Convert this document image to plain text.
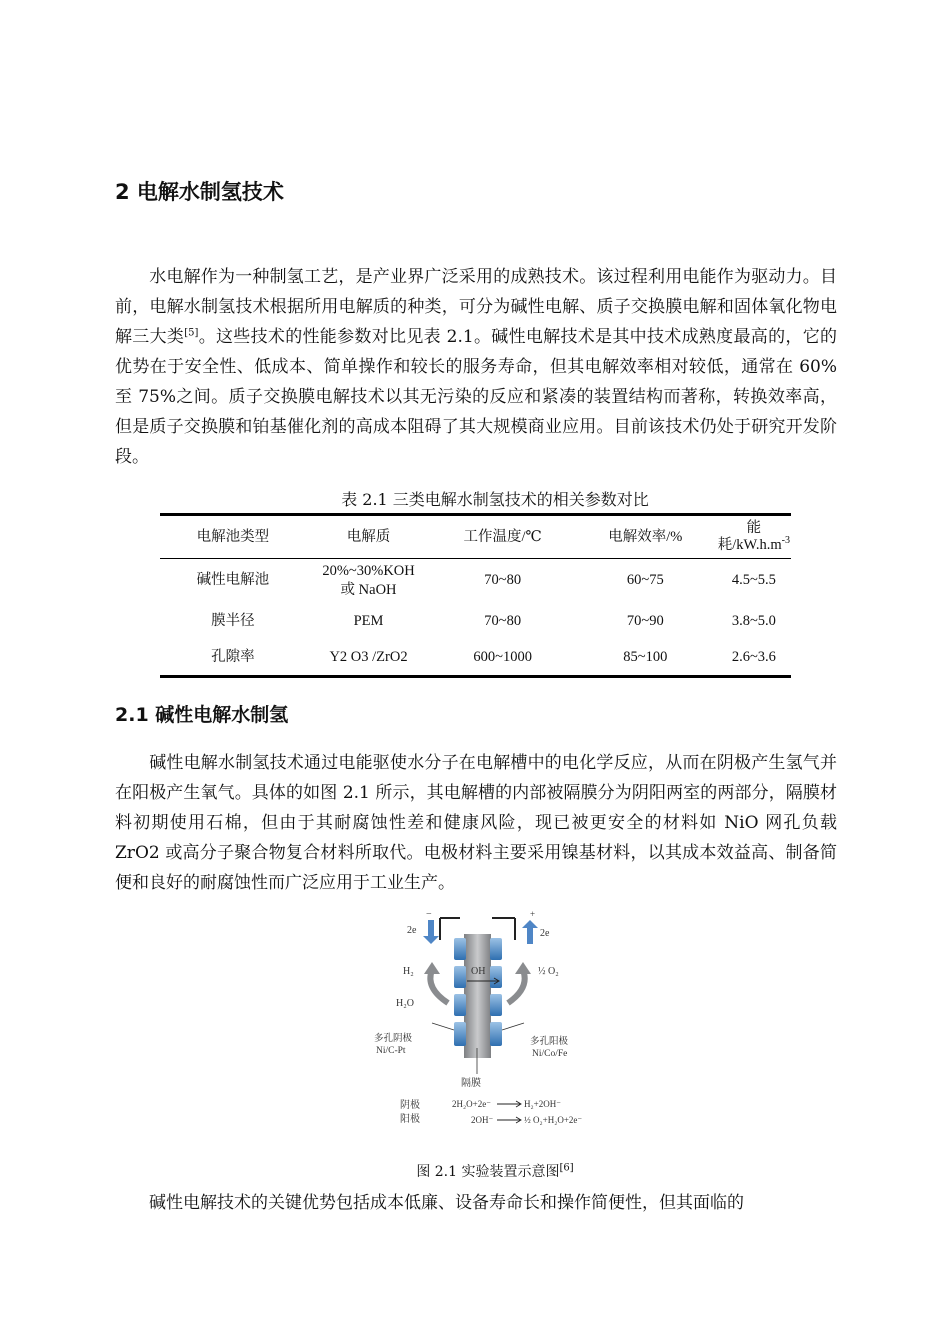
2 电解水制氢技术
水电解作为一种制氢工艺，是产业界广泛采用的成熟技术。该过程利用电能作为驱动力。目前，电解水制氢技术根据所用电解质的种类，可分为碱性电解、质子交换膜电解和固体氧化物电解三大类[5]。这些技术的性能参数对比见表 2.1。碱性电解技术是其中技术成熟度最高的，它的优势在于安全性、低成本、简单操作和较长的服务寿命，但其电解效率相对较低，通常在 60%至 75%之间。质子交换膜电解技术以其无污染的反应和紧凑的装置结构而著称，转换效率高，但是质子交换膜和铂基催化剂的高成本阻碍了其大规模商业应用。目前该技术仍处于研究开发阶段。
表 2.1 三类电解水制氢技术的相关参数对比
电解池类型	电解质	工作温度/℃	电解效率/%	能耗$/kW.h.m^{-3}$
碱性电解池	20%~30%KOH 或 NaOH	70~80	60~75	4.5~5.5
膜半径	PEM	70~80	70~90	3.8~5.0
孔隙率	Y2 O3 /ZrO2	600~1000	85~100	2.6~3.6
2.1 碱性电解水制氢
碱性电解水制氢技术通过电能驱使水分子在电解槽中的电化学反应，从而在阴极产生氢气并在阳极产生氧气。具体的如图 2.1 所示，其电解槽的内部被隔膜分为阴阳两室的两部分，隔膜材料初期使用石棉，但由于其耐腐蚀性差和健康风险，现已被更安全的材料如 NiO 网孔负载 ZrO2 或高分子聚合物复合材料所取代。电极材料主要采用镍基材料，以其成本效益高、制备简便和良好的耐腐蚀性而广泛应用于工业生产。
−	+
2e	2e
OH
H₂
H₂O
½ O₂
多孔阴极
Ni/C-Pt
多孔阳极
Ni/Co/Fe
隔膜
阴极
阳极
2H₂O+2e⁻	H₂+2OH⁻
2OH⁻	½ O₂+H₂O+2e⁻
图 2.1 实验装置示意图[6]
碱性电解技术的关键优势包括成本低廉、设备寿命长和操作简便性，但其面临的
